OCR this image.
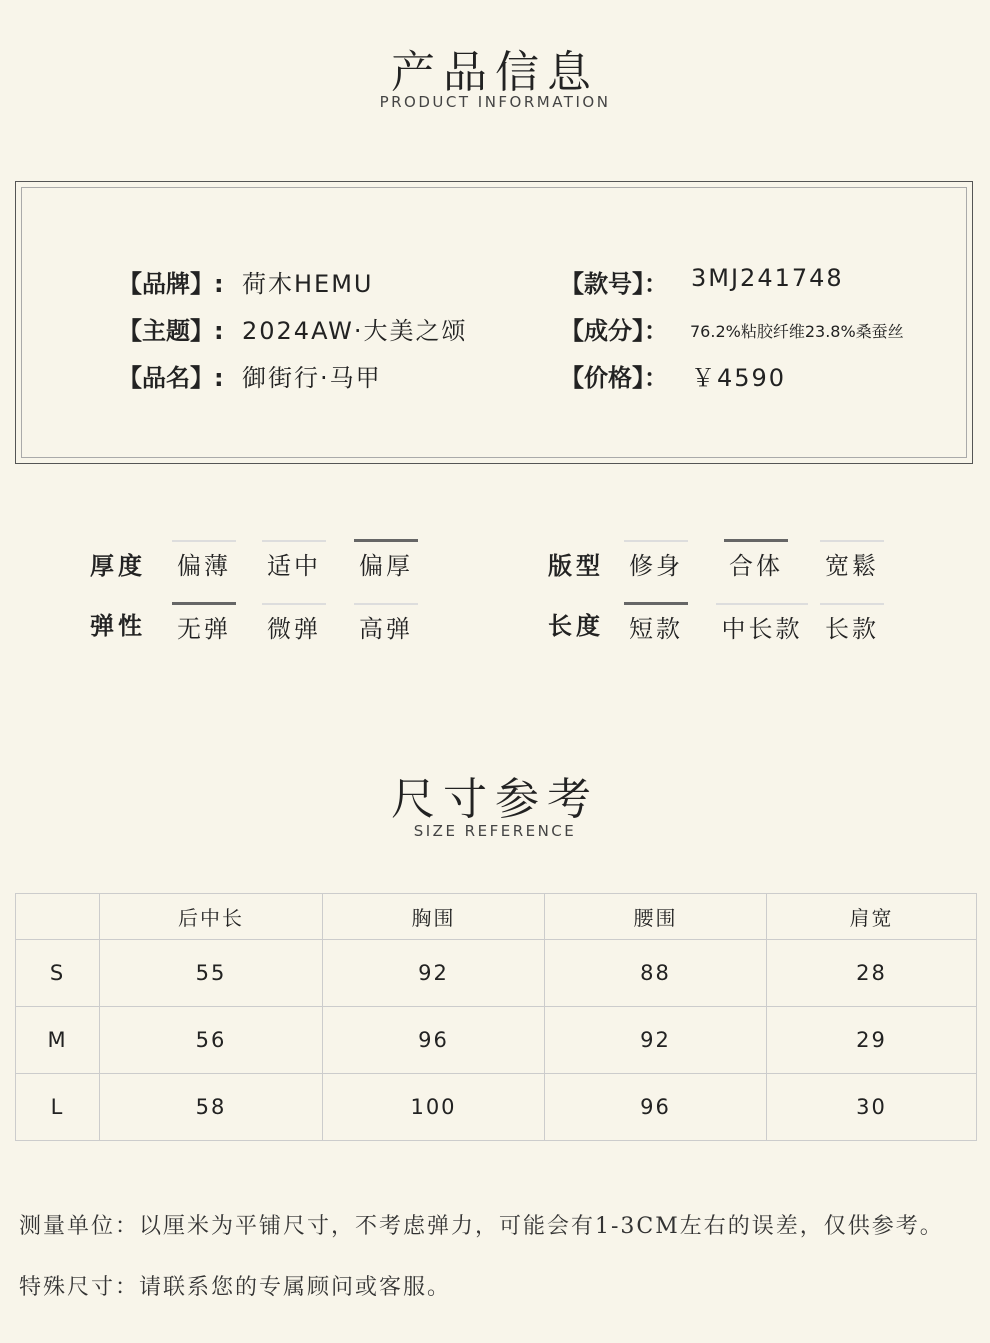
产品信息
PRODUCT INFORMATION
【品牌】: 荷木HEMU
【主题】: 2024AW·大美之颂
【品名】: 御街行·马甲
【款号】： 3MJ241748
【成分】： 76.2%粘胶纤维23.8%桑蚕丝
【价格】： ￥4590
厚度 偏薄 适中 偏厚
弹性 无弹 微弹 高弹
版型 修身 合体 宽鬆
长度 短款 中长款 长款
尺寸参考
SIZE REFERENCE
	后中长	胸围	腰围	肩宽
S	55	92	88	28
M	56	96	92	29
L	58	100	96	30
测量单位：以厘米为平铺尺寸，不考虑弹力，可能会有1-3CM左右的误差，仅供参考。
特殊尺寸：请联系您的专属顾问或客服。
